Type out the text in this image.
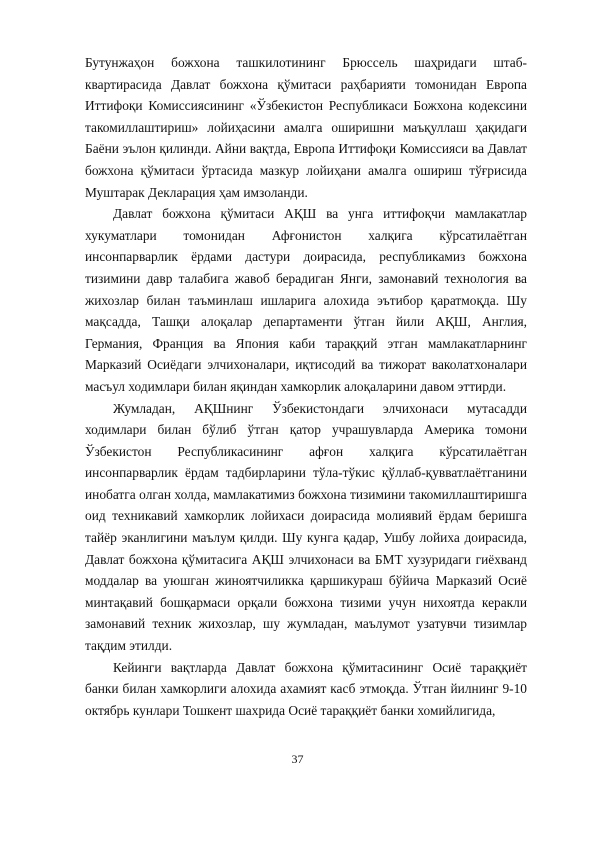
Бутунжаҳон божхона ташкилотининг Брюссель шаҳридаги штаб-квартирасида Давлат божхона қўмитаси раҳбарияти томонидан Европа Иттифоқи Комиссиясининг «Ўзбекистон Республикаси Божхона кодексини такомиллаштириш» лойиҳасини амалга оширишни маъқуллаш ҳақидаги Баёни эълон қилинди. Айни вақтда, Европа Иттифоқи Комиссияси ва Давлат божхона қўмитаси ўртасида мазкур лойиҳани амалга ошириш тўғрисида Муштарак Декларация ҳам имзоланди.

Давлат божхона қўмитаси АҚШ ва унга иттифоқчи мамлакатлар хукуматлари томонидан Афғонистон халқига кўрсатилаётган инсонпарварлик ёрдами дастури доирасида, республикамиз божхона тизимини давр талабига жавоб берадиган Янги, замонавий технология ва жихозлар билан таъминлаш ишларига алохида эътибор қаратмоқда. Шу мақсадда, Ташқи алоқалар департаменти ўтган йили АҚШ, Англия, Германия, Франция ва Япония каби тараққий этган мамлакатларнинг Марказий Осиёдаги элчихоналари, иқтисодий ва тижорат ваколатхоналари масъул ходимлари билан яқиндан хамкорлик алоқаларини давом эттирди.

Жумладан, АҚШнинг Ўзбекистондаги элчихонаси мутасадди ходимлари билан бўлиб ўтган қатор учрашувларда Америка томони Ўзбекистон Республикасининг афғон халқига кўрсатилаётган инсонпарварлик ёрдам тадбирларини тўла-тўкис қўллаб-қувватлаётганини инобатга олган холда, мамлакатимиз божхона тизимини такомиллаштиришга оид техникавий хамкорлик лойихаси доирасида молиявий ёрдам беришга тайёр эканлигини маълум қилди. Шу кунга қадар, Ушбу лойиха доирасида, Давлат божхона қўмитасига АҚШ элчихонаси ва БМТ хузуридаги гиёхванд моддалар ва уюшган жиноятчиликка қаршикураш бўйича Марказий Осиё минтақавий бошқармаси орқали божхона тизими учун нихоятда керакли замонавий техник жихозлар, шу жумладан, маълумот узатувчи тизимлар тақдим этилди.

Кейинги вақтларда Давлат божхона қўмитасининг Осиё тараққиёт банки билан хамкорлиги алохида ахамият касб этмоқда. Ўтган йилнинг 9-10 октябрь кунлари Тошкент шахрида Осиё тараққиёт банки хомийлигида,

37
